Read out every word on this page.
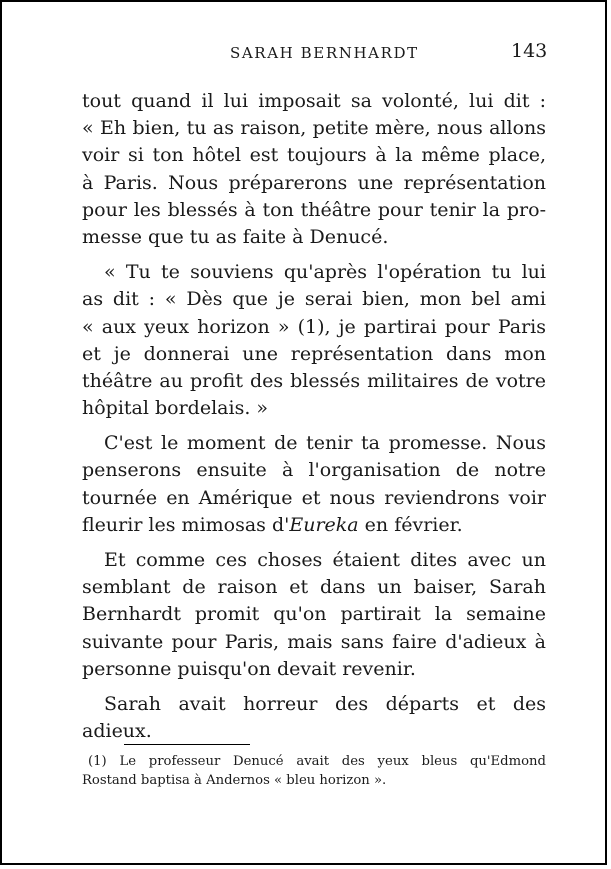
SARAH BERNHARDT	143
tout quand il lui imposait sa volonté, lui dit :
« Eh bien, tu as raison, petite mère, nous allons
voir si ton hôtel est toujours à la même place,
à Paris. Nous préparerons une représentation
pour les blessés à ton théâtre pour tenir la pro-
messe que tu as faite à Denucé.
« Tu te souviens qu'après l'opération tu lui
as dit : « Dès que je serai bien, mon bel ami
« aux yeux horizon » (1), je partirai pour Paris
et je donnerai une représentation dans mon
théâtre au profit des blessés militaires de votre
hôpital bordelais. »
C'est le moment de tenir ta promesse. Nous
penserons ensuite à l'organisation de notre
tournée en Amérique et nous reviendrons voir
fleurir les mimosas d'Eureka en février.
Et comme ces choses étaient dites avec un
semblant de raison et dans un baiser, Sarah
Bernhardt promit qu'on partirait la semaine
suivante pour Paris, mais sans faire d'adieux à
personne puisqu'on devait revenir.
Sarah avait horreur des départs et des
adieux.
(1) Le professeur Denucé avait des yeux bleus qu'Edmond
Rostand baptisa à Andernos « bleu horizon ».
